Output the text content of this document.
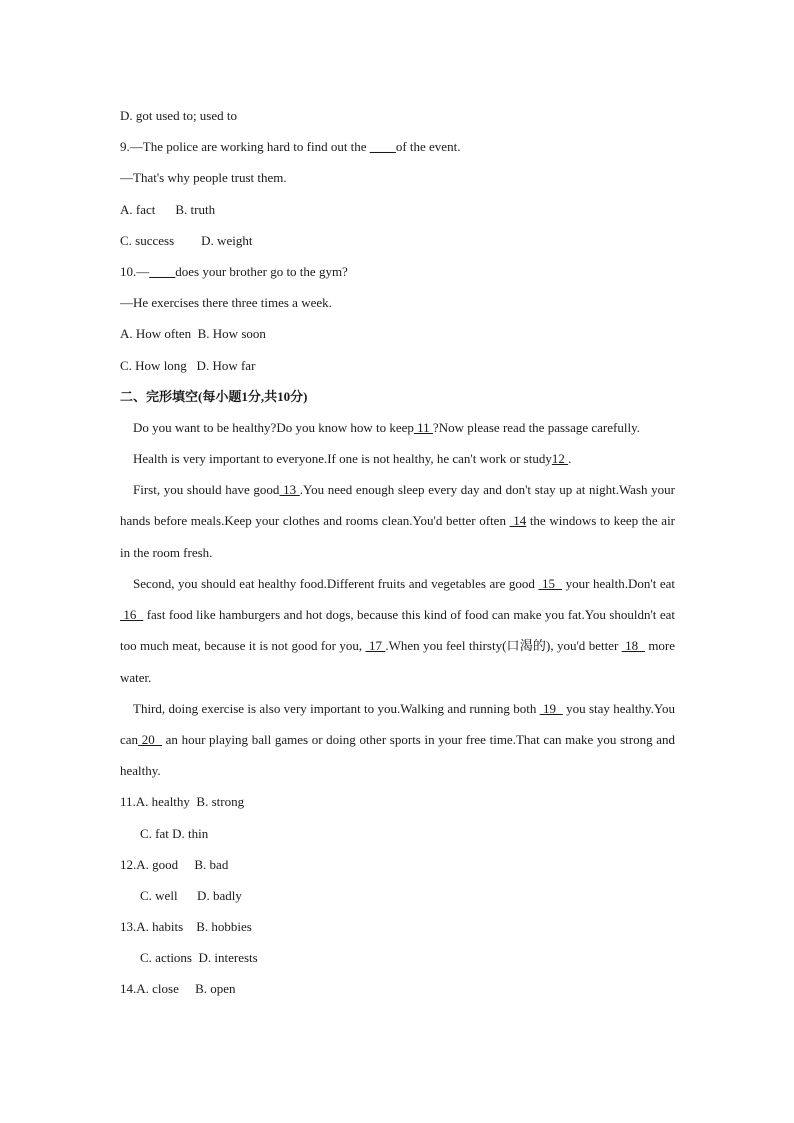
D. got used to; used to
9.—The police are working hard to find out the ____of the event.
—That's why people trust them.
A. fact B. truth
C. success D. weight
10.—____does your brother go to the gym?
—He exercises there three times a week.
A. How often  B. How soon
C. How long   D. How far
二、完形填空(每小题1分,共10分)
Do you want to be healthy?Do you know how to keep 11 ?Now please read the passage carefully.
Health is very important to everyone.If one is not healthy, he can't work or study12 .
First, you should have good 13 .You need enough sleep every day and don't stay up at night.Wash your hands before meals.Keep your clothes and rooms clean.You'd better often  14 the windows to keep the air in the room fresh.
Second, you should eat healthy food.Different fruits and vegetables are good  15   your health.Don't eat 16   fast food like hamburgers and hot dogs, because this kind of food can make you fat.You shouldn't eat too much meat, because it is not good for you,  17 .When you feel thirsty(口渴的), you'd better  18   more water.
Third, doing exercise is also very important to you.Walking and running both  19   you stay healthy.You can 20   an hour playing ball games or doing other sports in your free time.That can make you strong and healthy.
11.A. healthy  B. strong
C. fat D. thin
12.A. good     B. bad
C. well      D. badly
13.A. habits    B. hobbies
C. actions  D. interests
14.A. close     B. open
